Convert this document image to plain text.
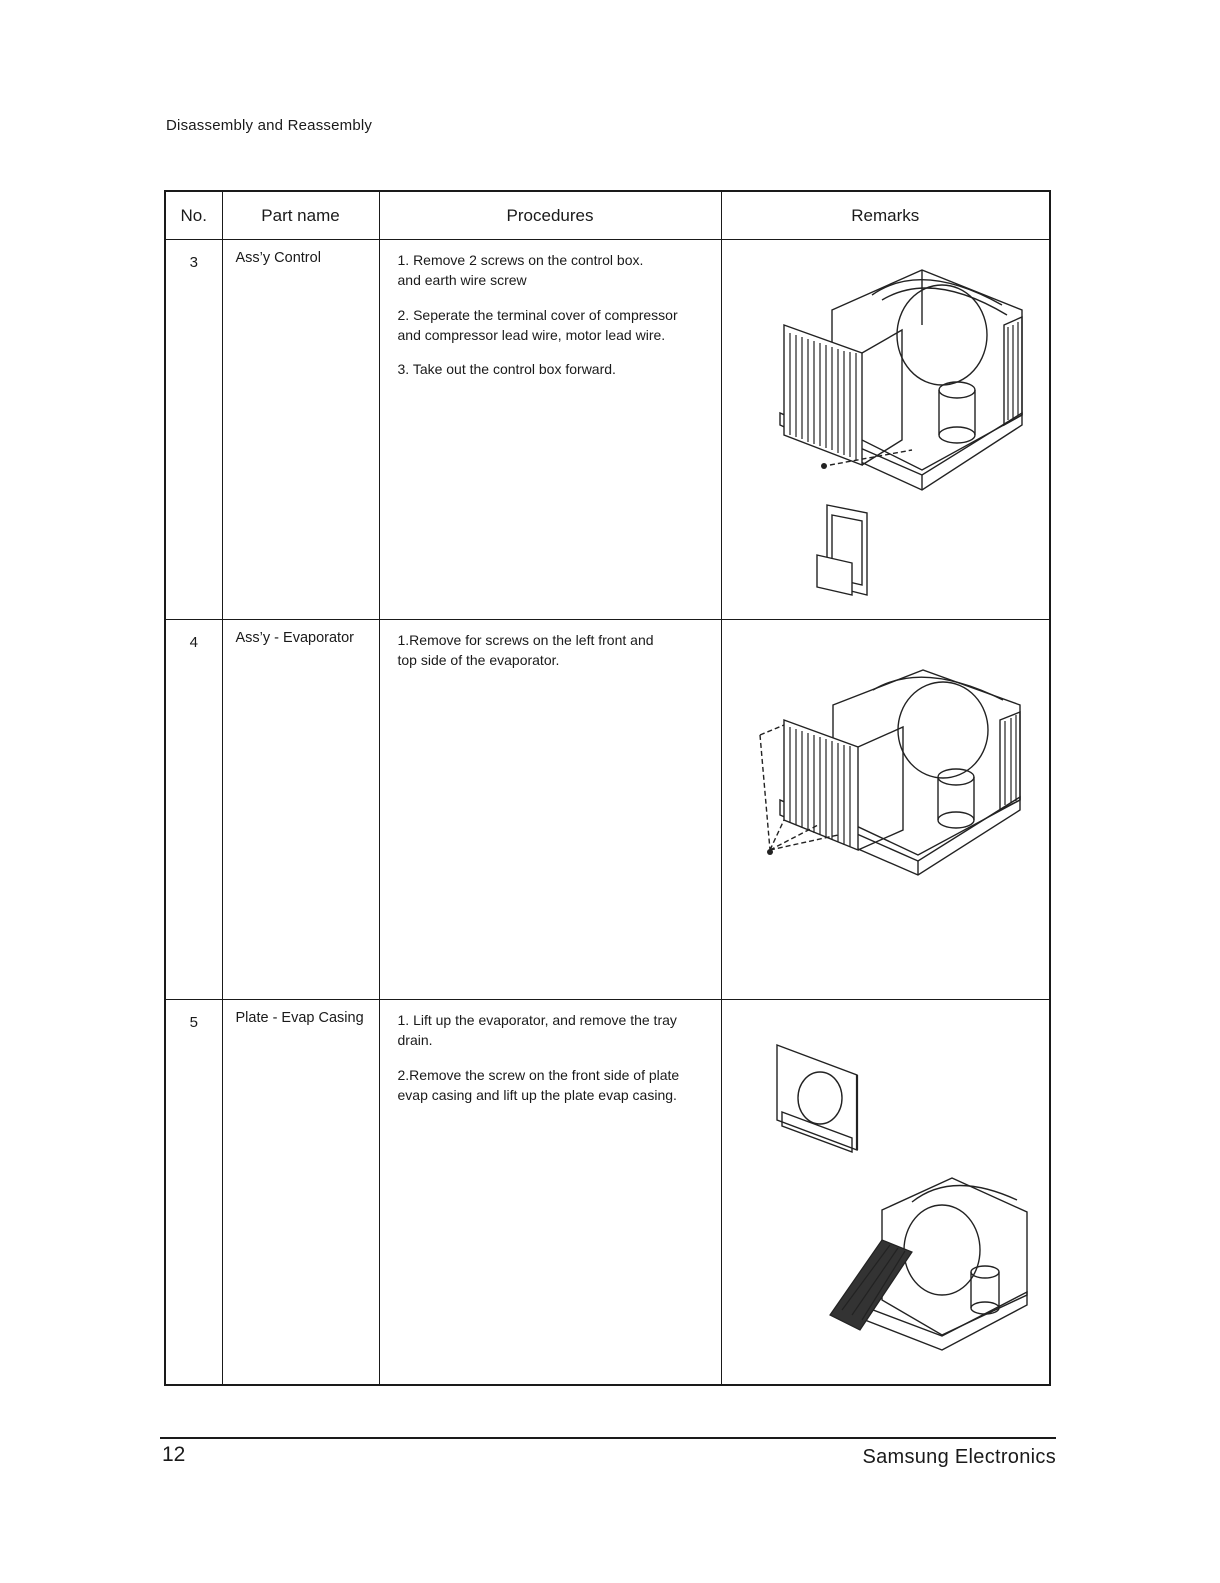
Disassembly and Reassembly
No.	Part name	Procedures	Remarks
3	Ass’y Control	1. Remove 2 screws on the control box.
and earth wire screw
2. Seperate the terminal cover of compressor
and compressor lead wire, motor lead wire.
3. Take out the control box forward.

4	Ass’y - Evaporator	1.Remove for screws on the left front and
top side of the evaporator.

5	Plate - Evap Casing	1. Lift up the evaporator, and remove the tray
drain.
2.Remove the screw on the front side of plate
evap casing and lift up the plate evap casing.

12	Samsung Electronics
